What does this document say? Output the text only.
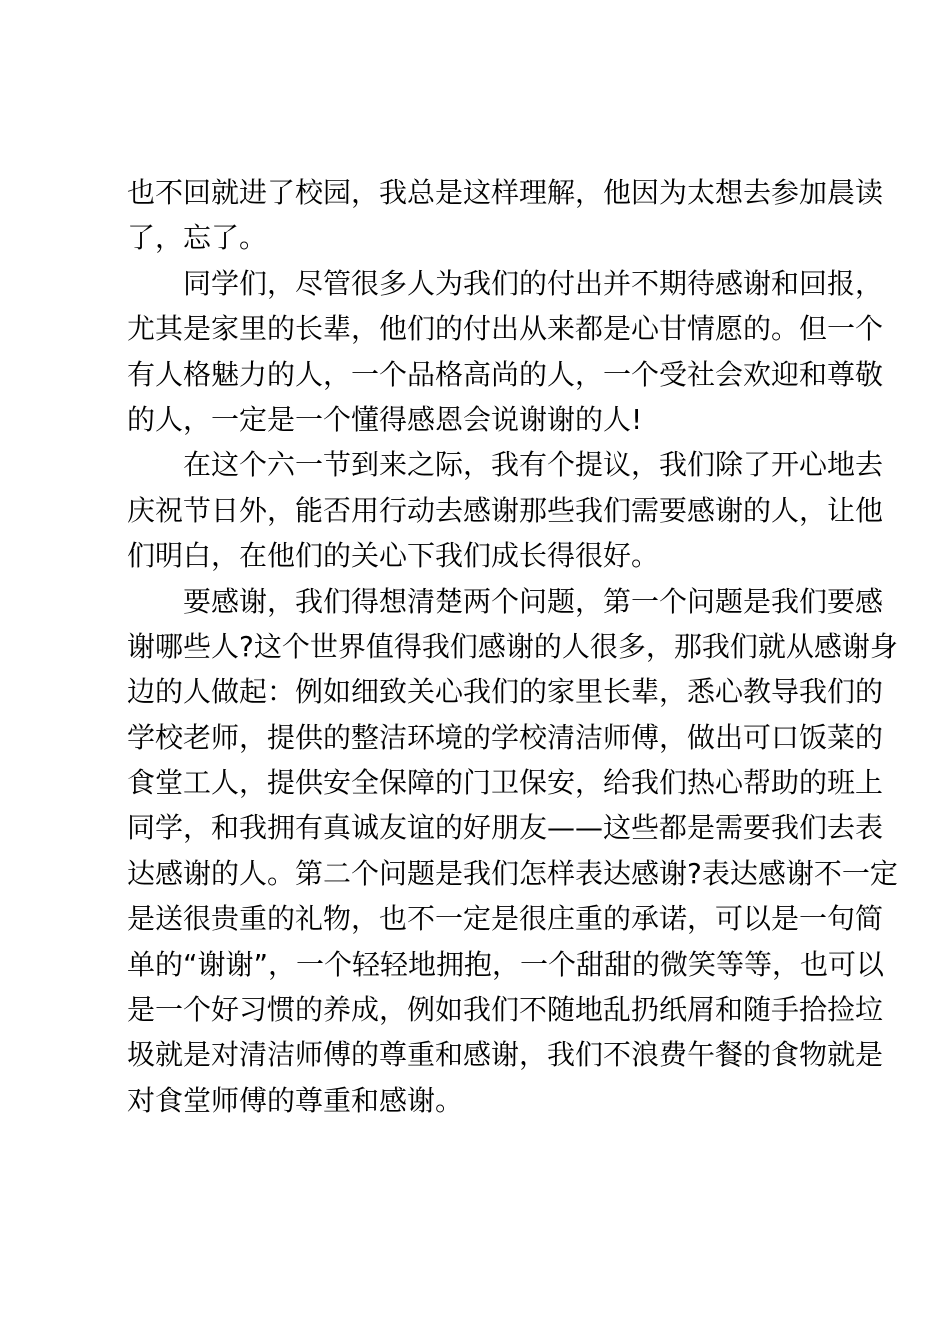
也不回就进了校园，我总是这样理解，他因为太想去参加晨读
了，忘了。
同学们，尽管很多人为我们的付出并不期待感谢和回报，
尤其是家里的长辈，他们的付出从来都是心甘情愿的。但一个
有人格魅力的人，一个品格高尚的人，一个受社会欢迎和尊敬
的人，一定是一个懂得感恩会说谢谢的人!
在这个六一节到来之际，我有个提议，我们除了开心地去
庆祝节日外，能否用行动去感谢那些我们需要感谢的人，让他
们明白，在他们的关心下我们成长得很好。
要感谢，我们得想清楚两个问题，第一个问题是我们要感
谢哪些人?这个世界值得我们感谢的人很多，那我们就从感谢身
边的人做起：例如细致关心我们的家里长辈，悉心教导我们的
学校老师，提供的整洁环境的学校清洁师傅，做出可口饭菜的
食堂工人，提供安全保障的门卫保安，给我们热心帮助的班上
同学，和我拥有真诚友谊的好朋友——这些都是需要我们去表
达感谢的人。第二个问题是我们怎样表达感谢?表达感谢不一定
是送很贵重的礼物，也不一定是很庄重的承诺，可以是一句简
单的“谢谢”，一个轻轻地拥抱，一个甜甜的微笑等等，也可以
是一个好习惯的养成，例如我们不随地乱扔纸屑和随手拾捡垃
圾就是对清洁师傅的尊重和感谢，我们不浪费午餐的食物就是
对食堂师傅的尊重和感谢。
